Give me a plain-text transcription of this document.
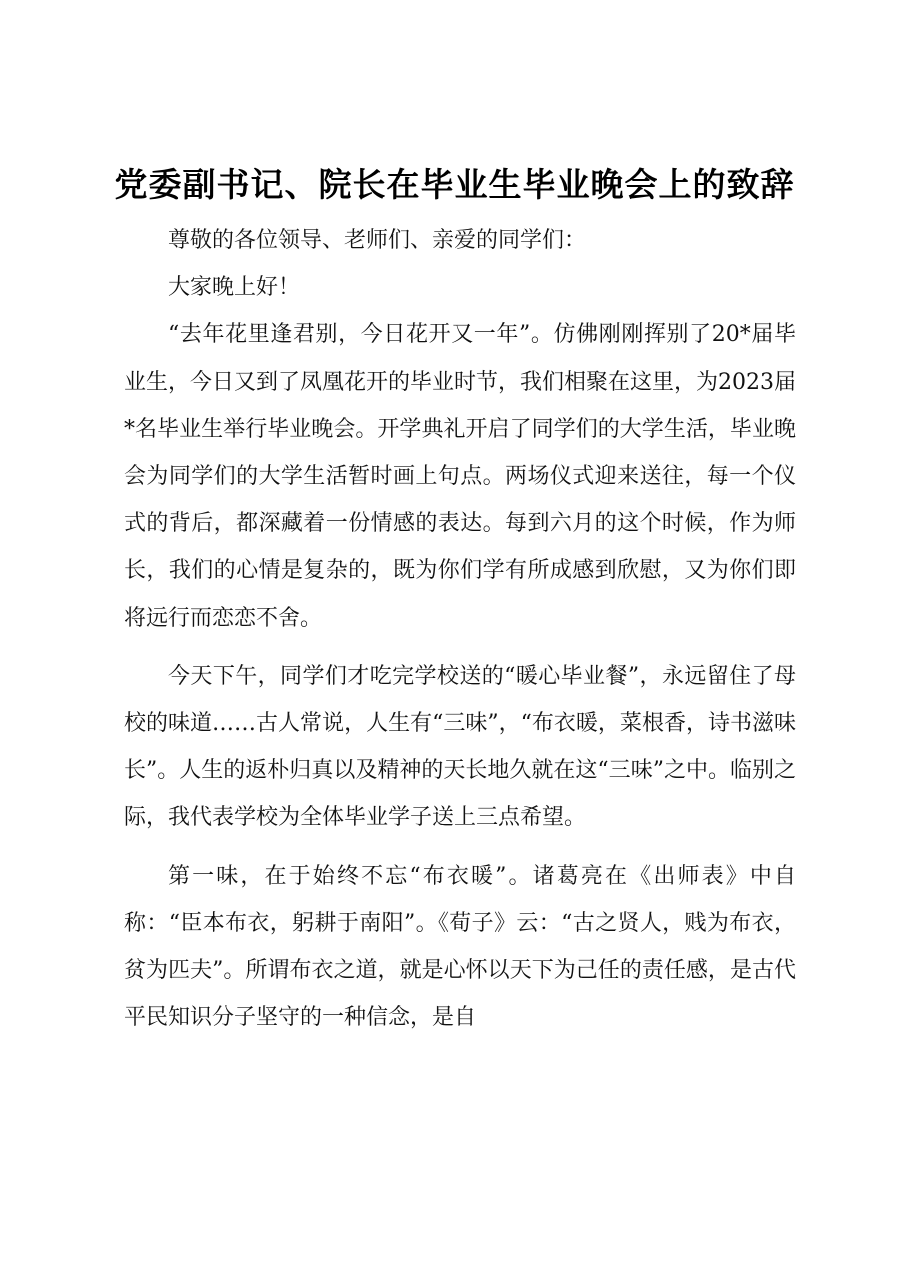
党委副书记、院长在毕业生毕业晚会上的致辞

尊敬的各位领导、老师们、亲爱的同学们：

大家晚上好！

“去年花里逢君别，今日花开又一年”。仿佛刚刚挥别了20*届毕业生，今日又到了凤凰花开的毕业时节，我们相聚在这里，为2023届*名毕业生举行毕业晚会。开学典礼开启了同学们的大学生活，毕业晚会为同学们的大学生活暂时画上句点。两场仪式迎来送往，每一个仪式的背后，都深藏着一份情感的表达。每到六月的这个时候，作为师长，我们的心情是复杂的，既为你们学有所成感到欣慰，又为你们即将远行而恋恋不舍。

今天下午，同学们才吃完学校送的“暖心毕业餐”，永远留住了母校的味道……古人常说，人生有“三味”，“布衣暖，菜根香，诗书滋味长”。人生的返朴归真以及精神的天长地久就在这“三味”之中。临别之际，我代表学校为全体毕业学子送上三点希望。

第一味，在于始终不忘“布衣暖”。诸葛亮在《出师表》中自称：“臣本布衣，躬耕于南阳”。《荀子》云：“古之贤人，贱为布衣，贫为匹夫”。所谓布衣之道，就是心怀以天下为己任的责任感，是古代平民知识分子坚守的一种信念，是自
